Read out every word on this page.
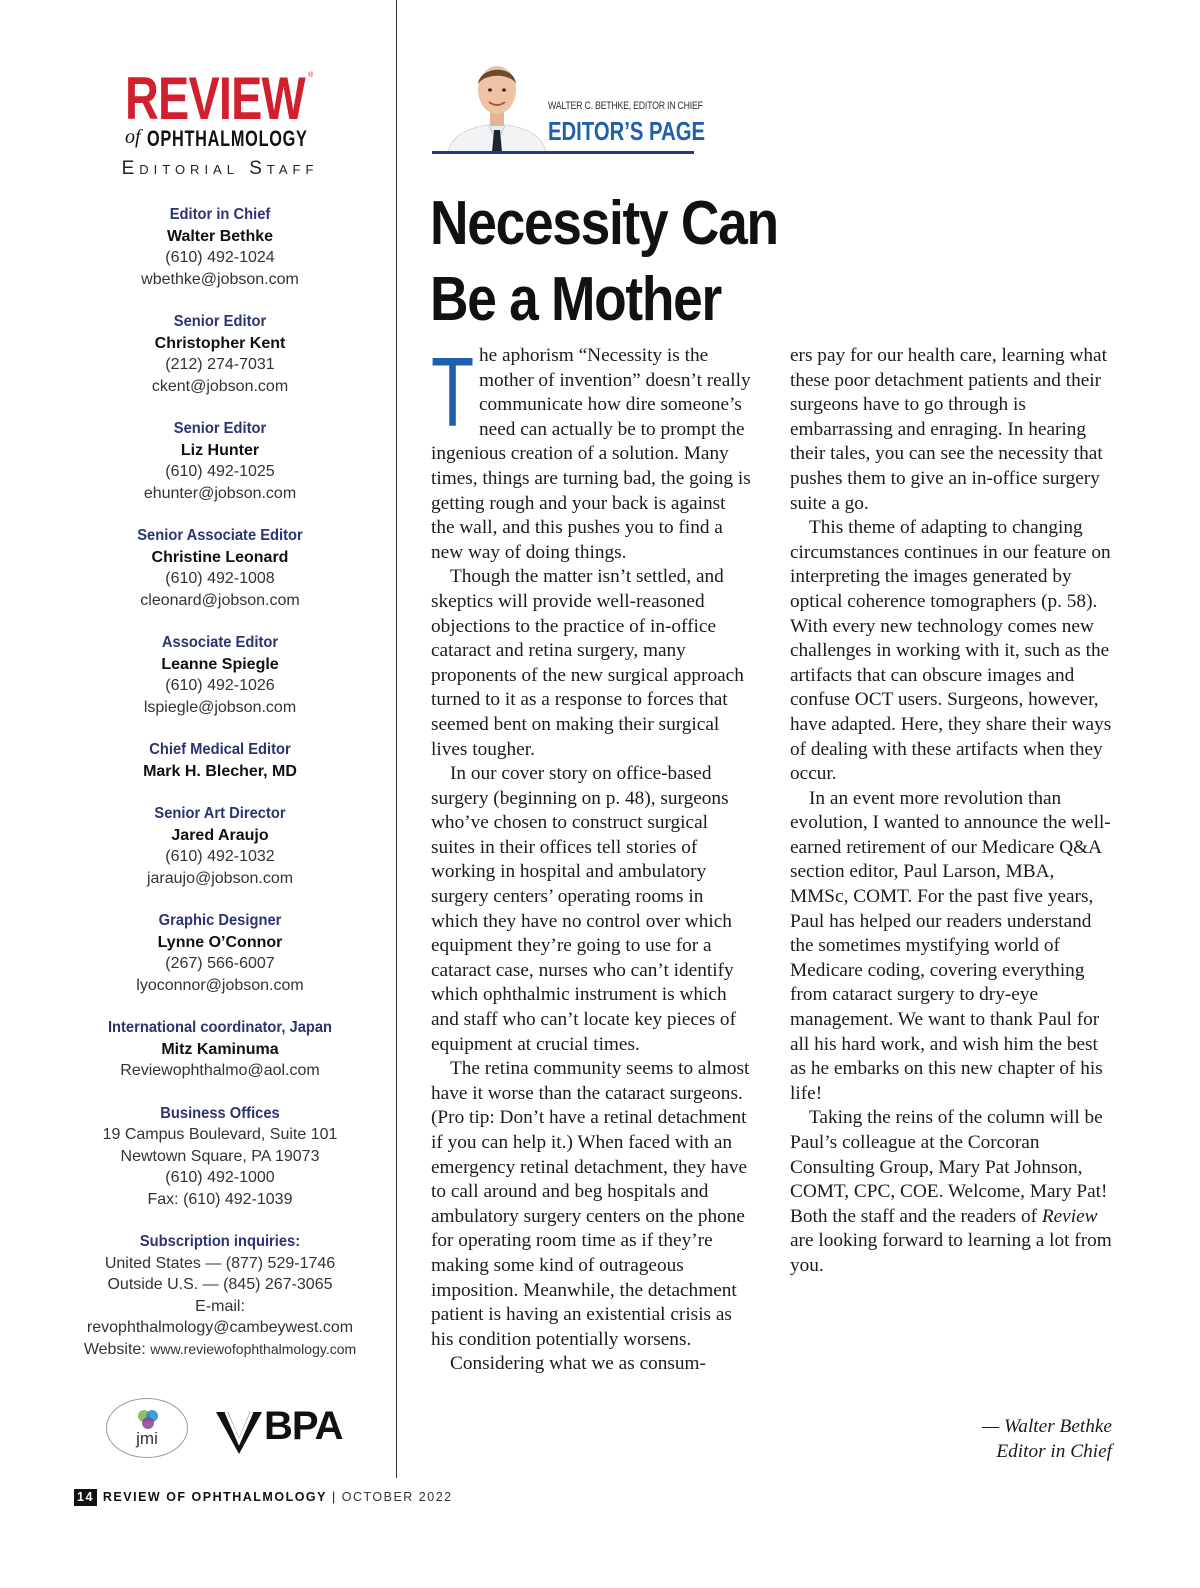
REVIEW ®
of OPHTHALMOLOGY
Editorial Staff
Editor in Chief
Walter Bethke
(610) 492-1024
wbethke@jobson.com
Senior Editor
Christopher Kent
(212) 274-7031
ckent@jobson.com
Senior Editor
Liz Hunter
(610) 492-1025
ehunter@jobson.com
Senior Associate Editor
Christine Leonard
(610) 492-1008
cleonard@jobson.com
Associate Editor
Leanne Spiegle
(610) 492-1026
lspiegle@jobson.com
Chief Medical Editor
Mark H. Blecher, MD
Senior Art Director
Jared Araujo
(610) 492-1032
jaraujo@jobson.com
Graphic Designer
Lynne O’Connor
(267) 566-6007
lyoconnor@jobson.com
International coordinator, Japan
Mitz Kaminuma
Reviewophthalmo@aol.com
Business Offices
19 Campus Boulevard, Suite 101
Newtown Square, PA 19073
(610) 492-1000
Fax: (610) 492-1039
Subscription inquiries:
United States — (877) 529-1746
Outside U.S. — (845) 267-3065
E-mail:
revophthalmology@cambeywest.com
Website: www.reviewofophthalmology.com
jmi	BPA
14 REVIEW OF OPHTHALMOLOGY | OCTOBER 2022
WALTER C. BETHKE, EDITOR IN CHIEF
EDITOR’S PAGE
Necessity Can
Be a Mother

The aphorism “Necessity is the mother of invention” doesn’t really communicate how dire someone’s need can actually be to prompt the ingenious creation of a solution. Many times, things are turning bad, the going is getting rough and your back is against the wall, and this pushes you to find a new way of doing things.

Though the matter isn’t settled, and skeptics will provide well-reasoned objections to the practice of in-office cataract and retina surgery, many proponents of the new surgical approach turned to it as a response to forces that seemed bent on making their surgical lives tougher.

In our cover story on office-based surgery (beginning on p. 48), surgeons who’ve chosen to construct surgical suites in their offices tell stories of working in hospital and ambulatory surgery centers’ operating rooms in which they have no control over which equipment they’re going to use for a cataract case, nurses who can’t identify which ophthalmic instrument is which and staff who can’t locate key pieces of equipment at crucial times.

The retina community seems to almost have it worse than the cataract surgeons. (Pro tip: Don’t have a retinal detachment if you can help it.) When faced with an emergency retinal detachment, they have to call around and beg hospitals and ambulatory surgery centers on the phone for operating room time as if they’re making some kind of outrageous imposition. Meanwhile, the detachment patient is having an existential crisis as his condition potentially worsens.

Considering what we as consum-

ers pay for our health care, learning what these poor detachment patients and their surgeons have to go through is embarrassing and enraging. In hearing their tales, you can see the necessity that pushes them to give an in-office surgery suite a go.

This theme of adapting to changing circumstances continues in our feature on interpreting the images generated by optical coherence tomographers (p. 58). With every new technology comes new challenges in working with it, such as the artifacts that can obscure images and confuse OCT users. Surgeons, however, have adapted. Here, they share their ways of dealing with these artifacts when they occur.

In an event more revolution than evolution, I wanted to announce the well-earned retirement of our Medicare Q&A section editor, Paul Larson, MBA, MMSc, COMT. For the past five years, Paul has helped our readers understand the sometimes mystifying world of Medicare coding, covering everything from cataract surgery to dry-eye management. We want to thank Paul for all his hard work, and wish him the best as he embarks on this new chapter of his life!

Taking the reins of the column will be Paul’s colleague at the Corcoran Consulting Group, Mary Pat Johnson, COMT, CPC, COE. Welcome, Mary Pat! Both the staff and the readers of Review are looking forward to learning a lot from you.

— Walter Bethke
Editor in Chief
